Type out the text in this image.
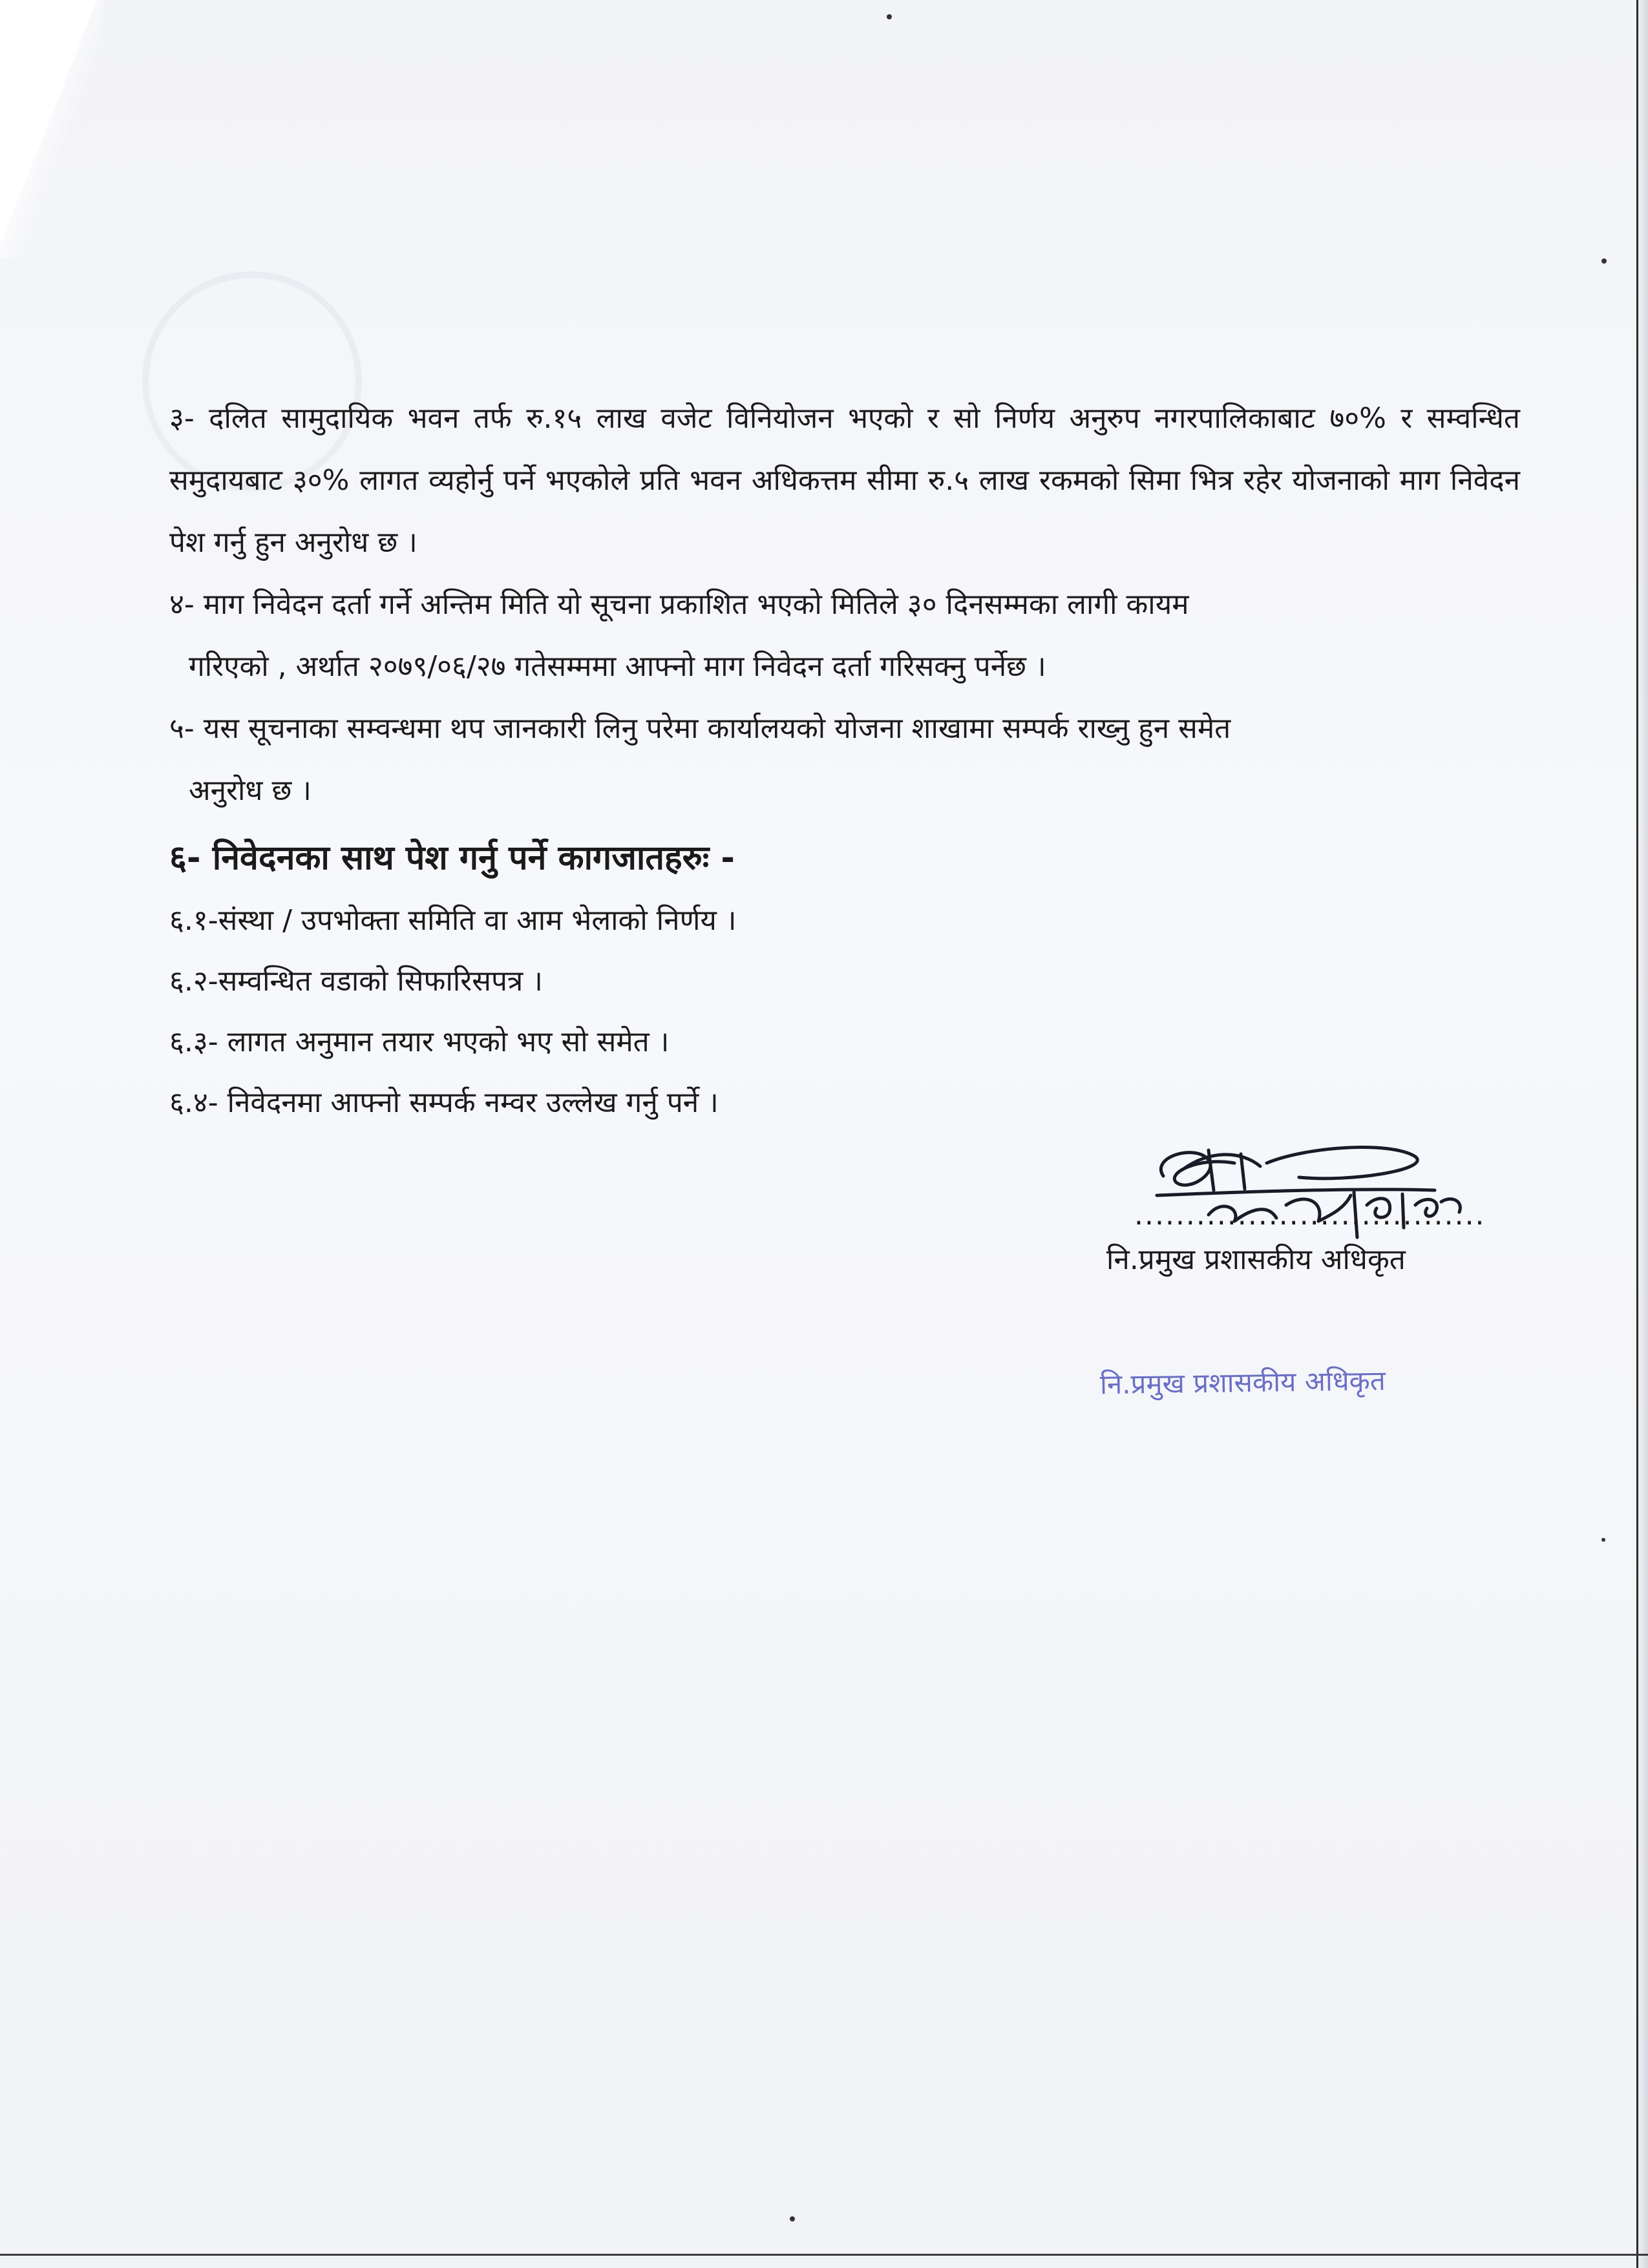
३- दलित सामुदायिक भवन तर्फ रु.१५ लाख वजेट विनियोजन भएको र सो निर्णय अनुरुप नगरपालिकाबाट ७०% र सम्वन्धित समुदायबाट ३०% लागत व्यहोर्नु पर्ने भएकोले प्रति भवन अधिकत्तम सीमा रु.५ लाख रकमको सिमा भित्र रहेर योजनाको माग निवेदन पेश गर्नु हुन अनुरोध छ ।

४- माग निवेदन दर्ता गर्ने अन्तिम मिति यो सूचना प्रकाशित भएको मितिले ३० दिनसम्मका लागी कायम

गरिएको , अर्थात २०७९/०६/२७ गतेसम्ममा आफ्नो माग निवेदन दर्ता गरिसक्नु पर्नेछ ।

५- यस सूचनाका सम्वन्धमा थप जानकारी लिनु परेमा कार्यालयको योजना शाखामा सम्पर्क राख्नु हुन समेत

अनुरोध छ ।

६- निवेदनका साथ पेश गर्नु पर्ने कागजातहरुः -
६.१-संस्था / उपभोक्ता समिति वा आम भेलाको निर्णय ।
६.२-सम्वन्धित वडाको सिफारिसपत्र ।
६.३- लागत अनुमान तयार भएको भए सो समेत ।
६.४- निवेदनमा आफ्नो सम्पर्क नम्वर उल्लेख गर्नु पर्ने ।
..................................
नि.प्रमुख प्रशासकीय अधिकृत
नि.प्रमुख प्रशासकीय अधिकृत
